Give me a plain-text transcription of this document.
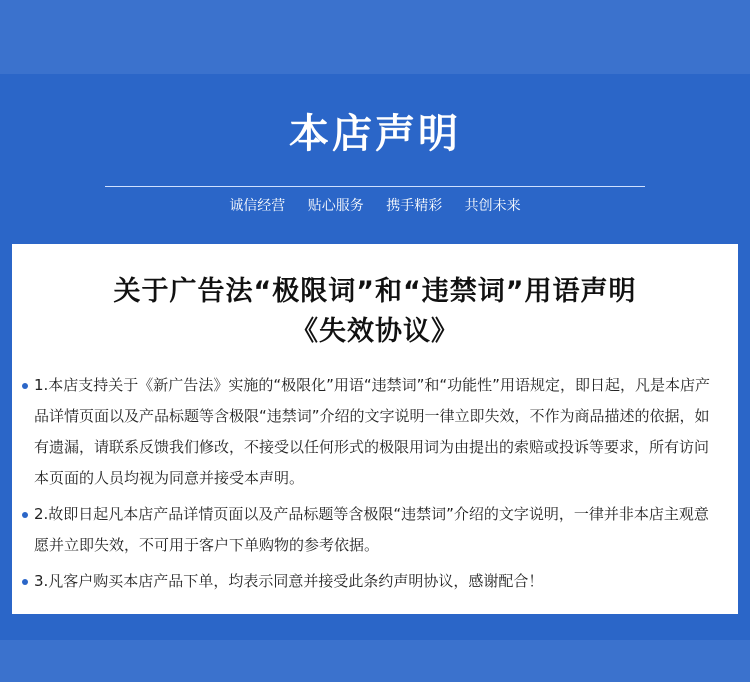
本店声明
诚信经营 贴心服务 携手精彩 共创未来
关于广告法“极限词”和“违禁词”用语声明
《失效协议》
1.本店支持关于《新广告法》实施的“极限化”用语“违禁词”和“功能性”用语规定，即日起，凡是本店产品详情页面以及产品标题等含极限“违禁词”介绍的文字说明一律立即失效，不作为商品描述的依据，如有遗漏，请联系反馈我们修改，不接受以任何形式的极限用词为由提出的索赔或投诉等要求，所有访问本页面的人员均视为同意并接受本声明。
2.故即日起凡本店产品详情页面以及产品标题等含极限“违禁词”介绍的文字说明，一律并非本店主观意愿并立即失效，不可用于客户下单购物的参考依据。
3.凡客户购买本店产品下单，均表示同意并接受此条约声明协议，感谢配合！
